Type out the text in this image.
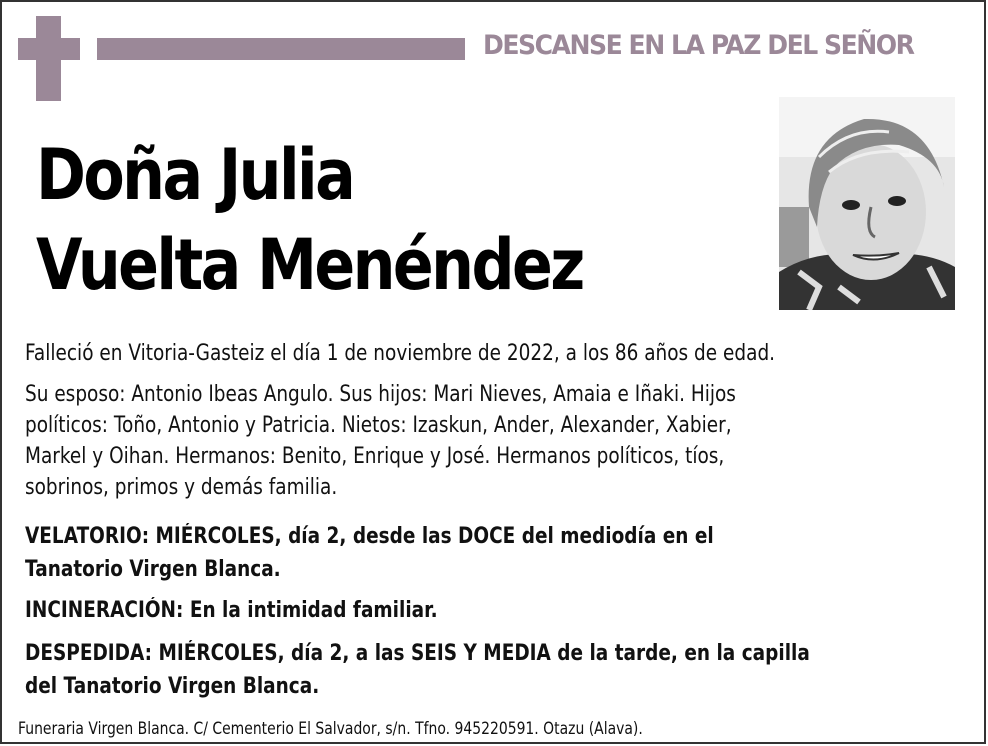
DESCANSE EN LA PAZ DEL SEÑOR
Doña Julia
Vuelta Menéndez
Falleció en Vitoria-Gasteiz el día 1 de noviembre de 2022, a los 86 años de edad.
Su esposo: Antonio Ibeas Angulo. Sus hijos: Mari Nieves, Amaia e Iñaki. Hijos
políticos: Toño, Antonio y Patricia. Nietos: Izaskun, Ander, Alexander, Xabier,
Markel y Oihan. Hermanos: Benito, Enrique y José. Hermanos políticos, tíos,
sobrinos, primos y demás familia.
VELATORIO: MIÉRCOLES, día 2, desde las DOCE del mediodía en el
Tanatorio Virgen Blanca.
INCINERACIÓN: En la intimidad familiar.
DESPEDIDA: MIÉRCOLES, día 2, a las SEIS Y MEDIA de la tarde, en la capilla
del Tanatorio Virgen Blanca.
Funeraria Virgen Blanca. C/ Cementerio El Salvador, s/n. Tfno. 945220591. Otazu (Alava).
